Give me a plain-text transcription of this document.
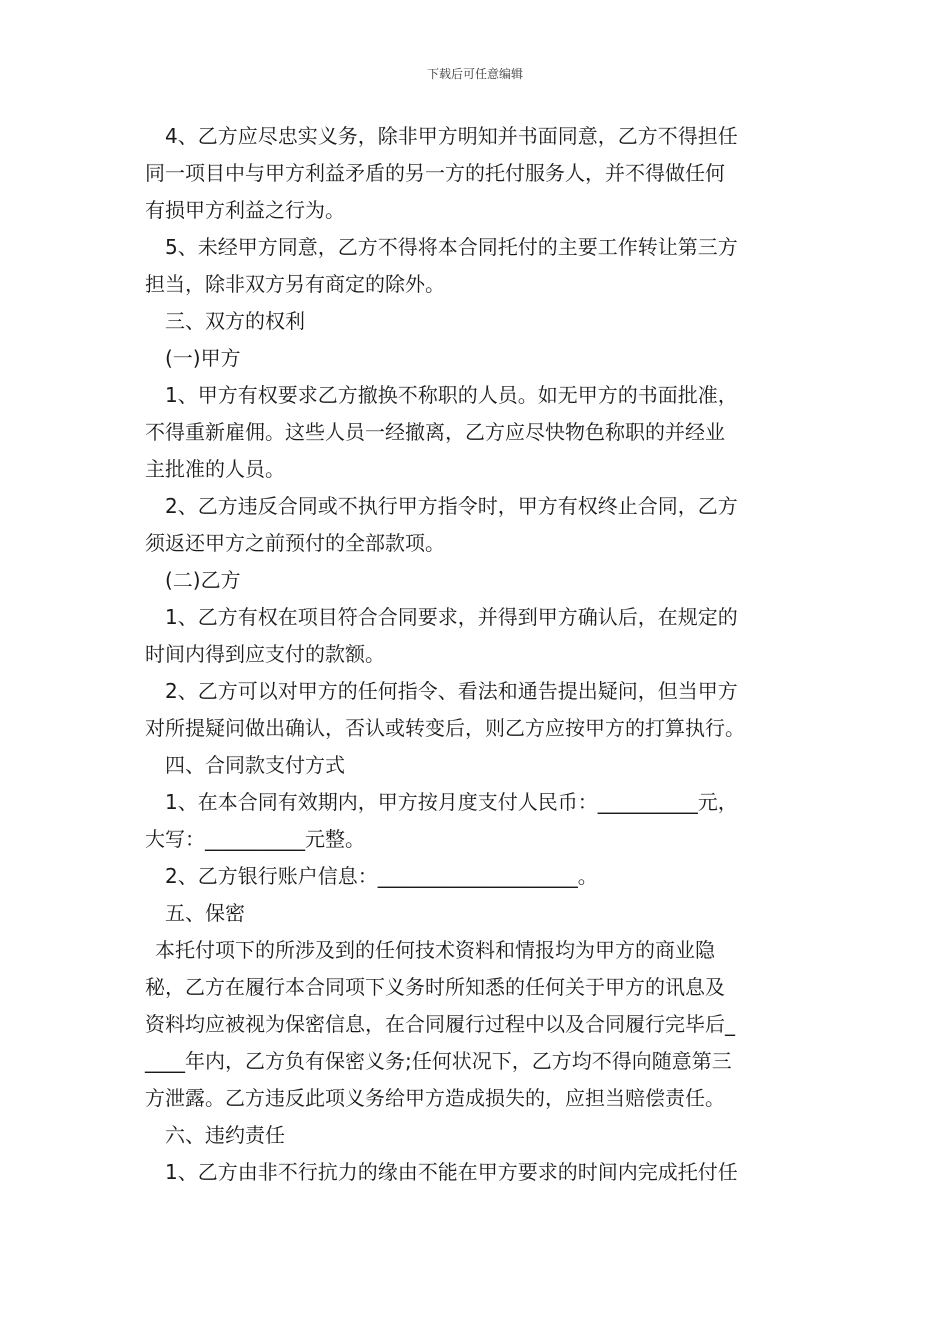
下载后可任意编辑
4、乙方应尽忠实义务，除非甲方明知并书面同意，乙方不得担任
同一项目中与甲方利益矛盾的另一方的托付服务人，并不得做任何
有损甲方利益之行为。
5、未经甲方同意，乙方不得将本合同托付的主要工作转让第三方
担当，除非双方另有商定的除外。
三、双方的权利
(一)甲方
1、甲方有权要求乙方撤换不称职的人员。如无甲方的书面批准，
不得重新雇佣。这些人员一经撤离，乙方应尽快物色称职的并经业
主批准的人员。
2、乙方违反合同或不执行甲方指令时，甲方有权终止合同，乙方
须返还甲方之前预付的全部款项。
(二)乙方
1、乙方有权在项目符合合同要求，并得到甲方确认后，在规定的
时间内得到应支付的款额。
2、乙方可以对甲方的任何指令、看法和通告提出疑问，但当甲方
对所提疑问做出确认，否认或转变后，则乙方应按甲方的打算执行。
四、合同款支付方式
1、在本合同有效期内，甲方按月度支付人民币：__________元，
大写：__________元整。
2、乙方银行账户信息：____________________。
五、保密
本托付项下的所涉及到的任何技术资料和情报均为甲方的商业隐
秘，乙方在履行本合同项下义务时所知悉的任何关于甲方的讯息及
资料均应被视为保密信息，在合同履行过程中以及合同履行完毕后_
____年内，乙方负有保密义务;任何状况下，乙方均不得向随意第三
方泄露。乙方违反此项义务给甲方造成损失的，应担当赔偿责任。
六、违约责任
1、乙方由非不行抗力的缘由不能在甲方要求的时间内完成托付任
